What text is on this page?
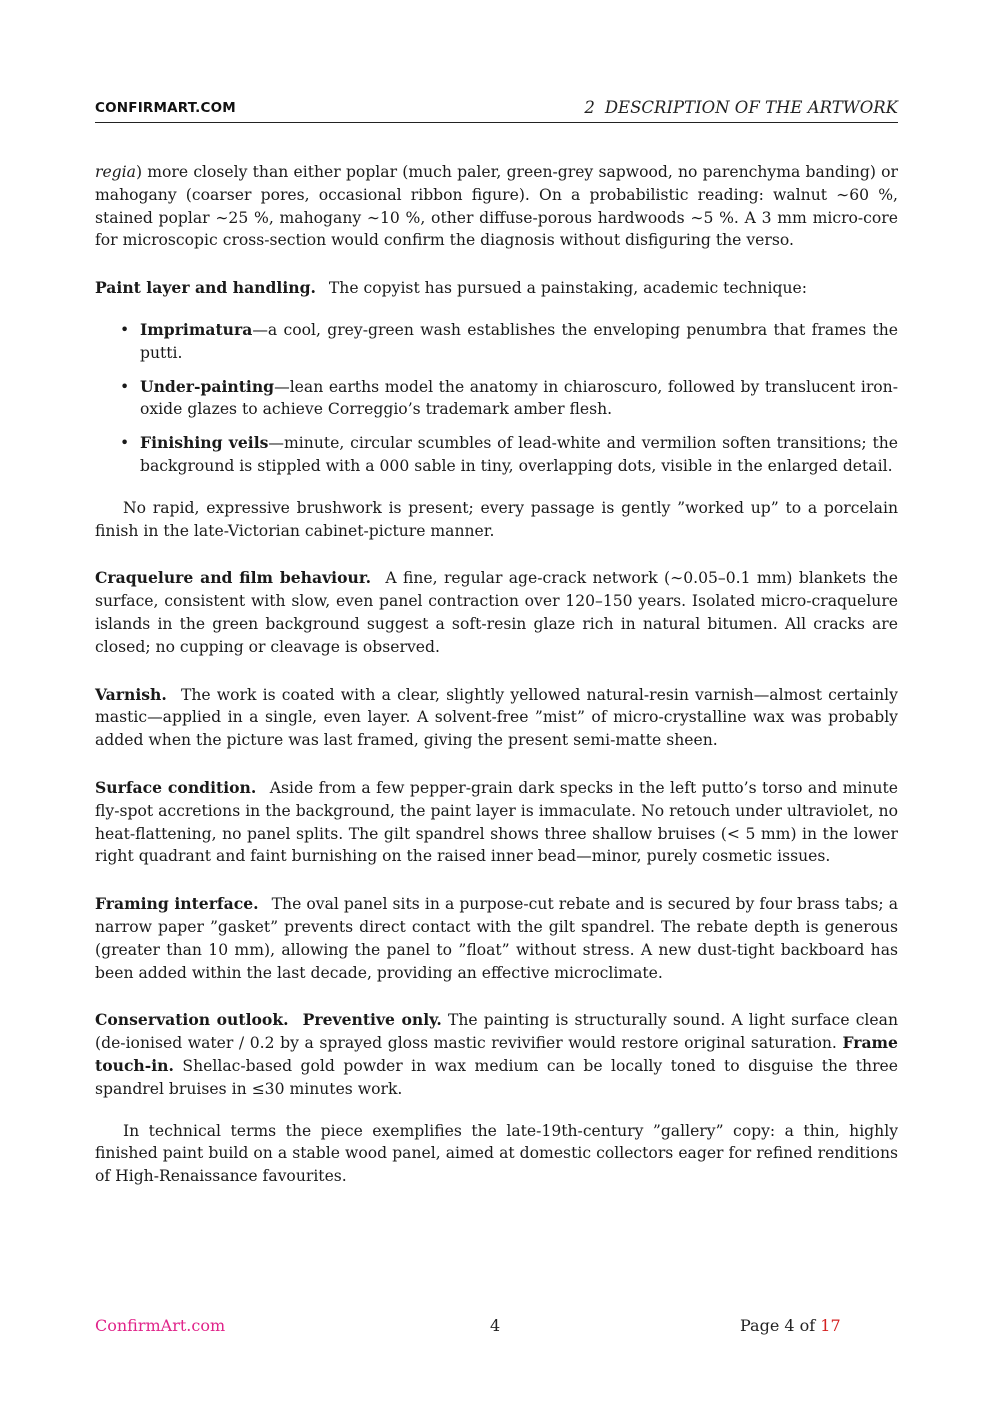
CONFIRMART.COM	2 DESCRIPTION OF THE ARTWORK

regia) more closely than either poplar (much paler, green-grey sapwood, no parenchyma banding) or mahogany (coarser pores, occasional ribbon figure). On a probabilistic reading: walnut ∼60 %, stained poplar ∼25 %, mahogany ∼10 %, other diffuse-porous hardwoods ∼5 %. A 3 mm micro-core for microscopic cross-section would confirm the diagnosis without disfiguring the verso.

Paint layer and handling. The copyist has pursued a painstaking, academic technique:

• Imprimatura—a cool, grey-green wash establishes the enveloping penumbra that frames the putti.
• Under-painting—lean earths model the anatomy in chiaroscuro, followed by translucent iron-oxide glazes to achieve Correggio’s trademark amber flesh.
• Finishing veils—minute, circular scumbles of lead-white and vermilion soften transitions; the background is stippled with a 000 sable in tiny, overlapping dots, visible in the enlarged detail.

No rapid, expressive brushwork is present; every passage is gently ”worked up” to a porcelain finish in the late-Victorian cabinet-picture manner.

Craquelure and film behaviour. A fine, regular age-crack network (∼0.05–0.1 mm) blankets the surface, consistent with slow, even panel contraction over 120–150 years. Isolated micro-craquelure islands in the green background suggest a soft-resin glaze rich in natural bitumen. All cracks are closed; no cupping or cleavage is observed.

Varnish. The work is coated with a clear, slightly yellowed natural-resin varnish—almost certainly mastic—applied in a single, even layer. A solvent-free ”mist” of micro-crystalline wax was probably added when the picture was last framed, giving the present semi-matte sheen.

Surface condition. Aside from a few pepper-grain dark specks in the left putto’s torso and minute fly-spot accretions in the background, the paint layer is immaculate. No retouch under ultraviolet, no heat-flattening, no panel splits. The gilt spandrel shows three shallow bruises (< 5 mm) in the lower right quadrant and faint burnishing on the raised inner bead—minor, purely cosmetic issues.

Framing interface. The oval panel sits in a purpose-cut rebate and is secured by four brass tabs; a narrow paper ”gasket” prevents direct contact with the gilt spandrel. The rebate depth is generous (greater than 10 mm), allowing the panel to ”float” without stress. A new dust-tight backboard has been added within the last decade, providing an effective microclimate.

Conservation outlook. Preventive only. The painting is structurally sound. A light surface clean (de-ionised water / 0.2 by a sprayed gloss mastic revivifier would restore original saturation. Frame touch-in. Shellac-based gold powder in wax medium can be locally toned to disguise the three spandrel bruises in ≤30 minutes work.

In technical terms the piece exemplifies the late-19th-century ”gallery” copy: a thin, highly finished paint build on a stable wood panel, aimed at domestic collectors eager for refined renditions of High-Renaissance favourites.

ConfirmArt.com	4	Page 4 of 17
